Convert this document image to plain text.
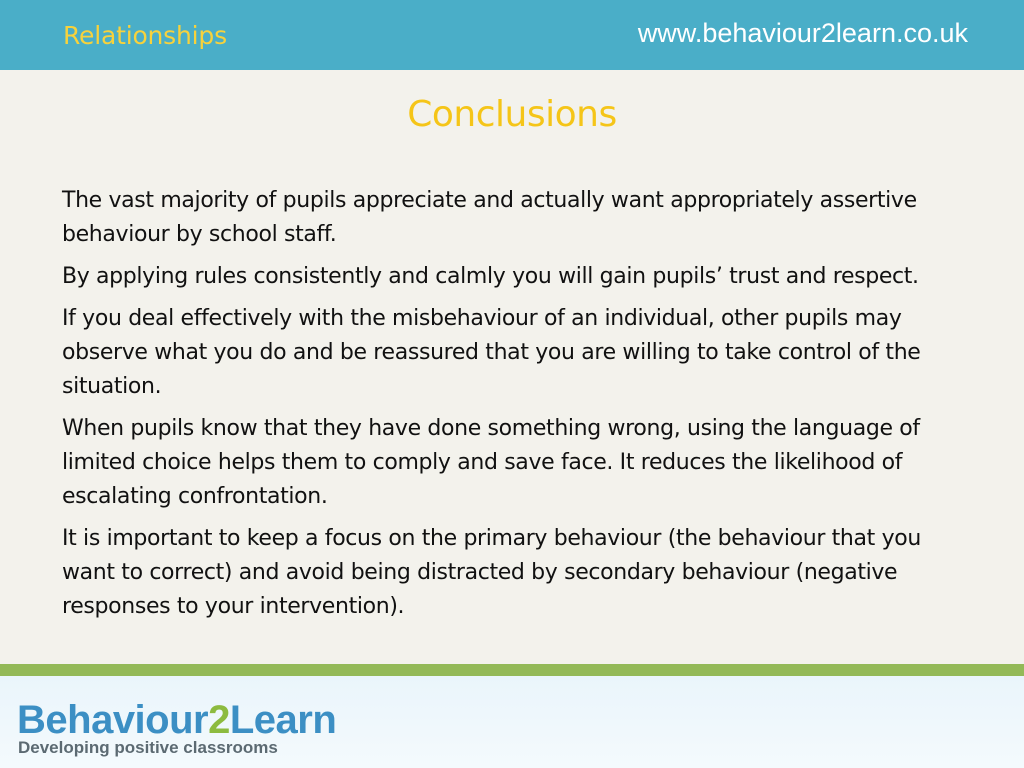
Relationships	www.behaviour2learn.co.uk
Conclusions

The vast majority of pupils appreciate and actually want appropriately assertive behaviour by school staff.

By applying rules consistently and calmly you will gain pupils’ trust and respect.

If you deal effectively with the misbehaviour of an individual, other pupils may observe what you do and be reassured that you are willing to take control of the situation.

When pupils know that they have done something wrong, using the language of limited choice helps them to comply and save face. It reduces the likelihood of escalating confrontation.

It is important to keep a focus on the primary behaviour (the behaviour that you want to correct) and avoid being distracted by secondary behaviour (negative responses to your intervention).

Behaviour2Learn
Developing positive classrooms
